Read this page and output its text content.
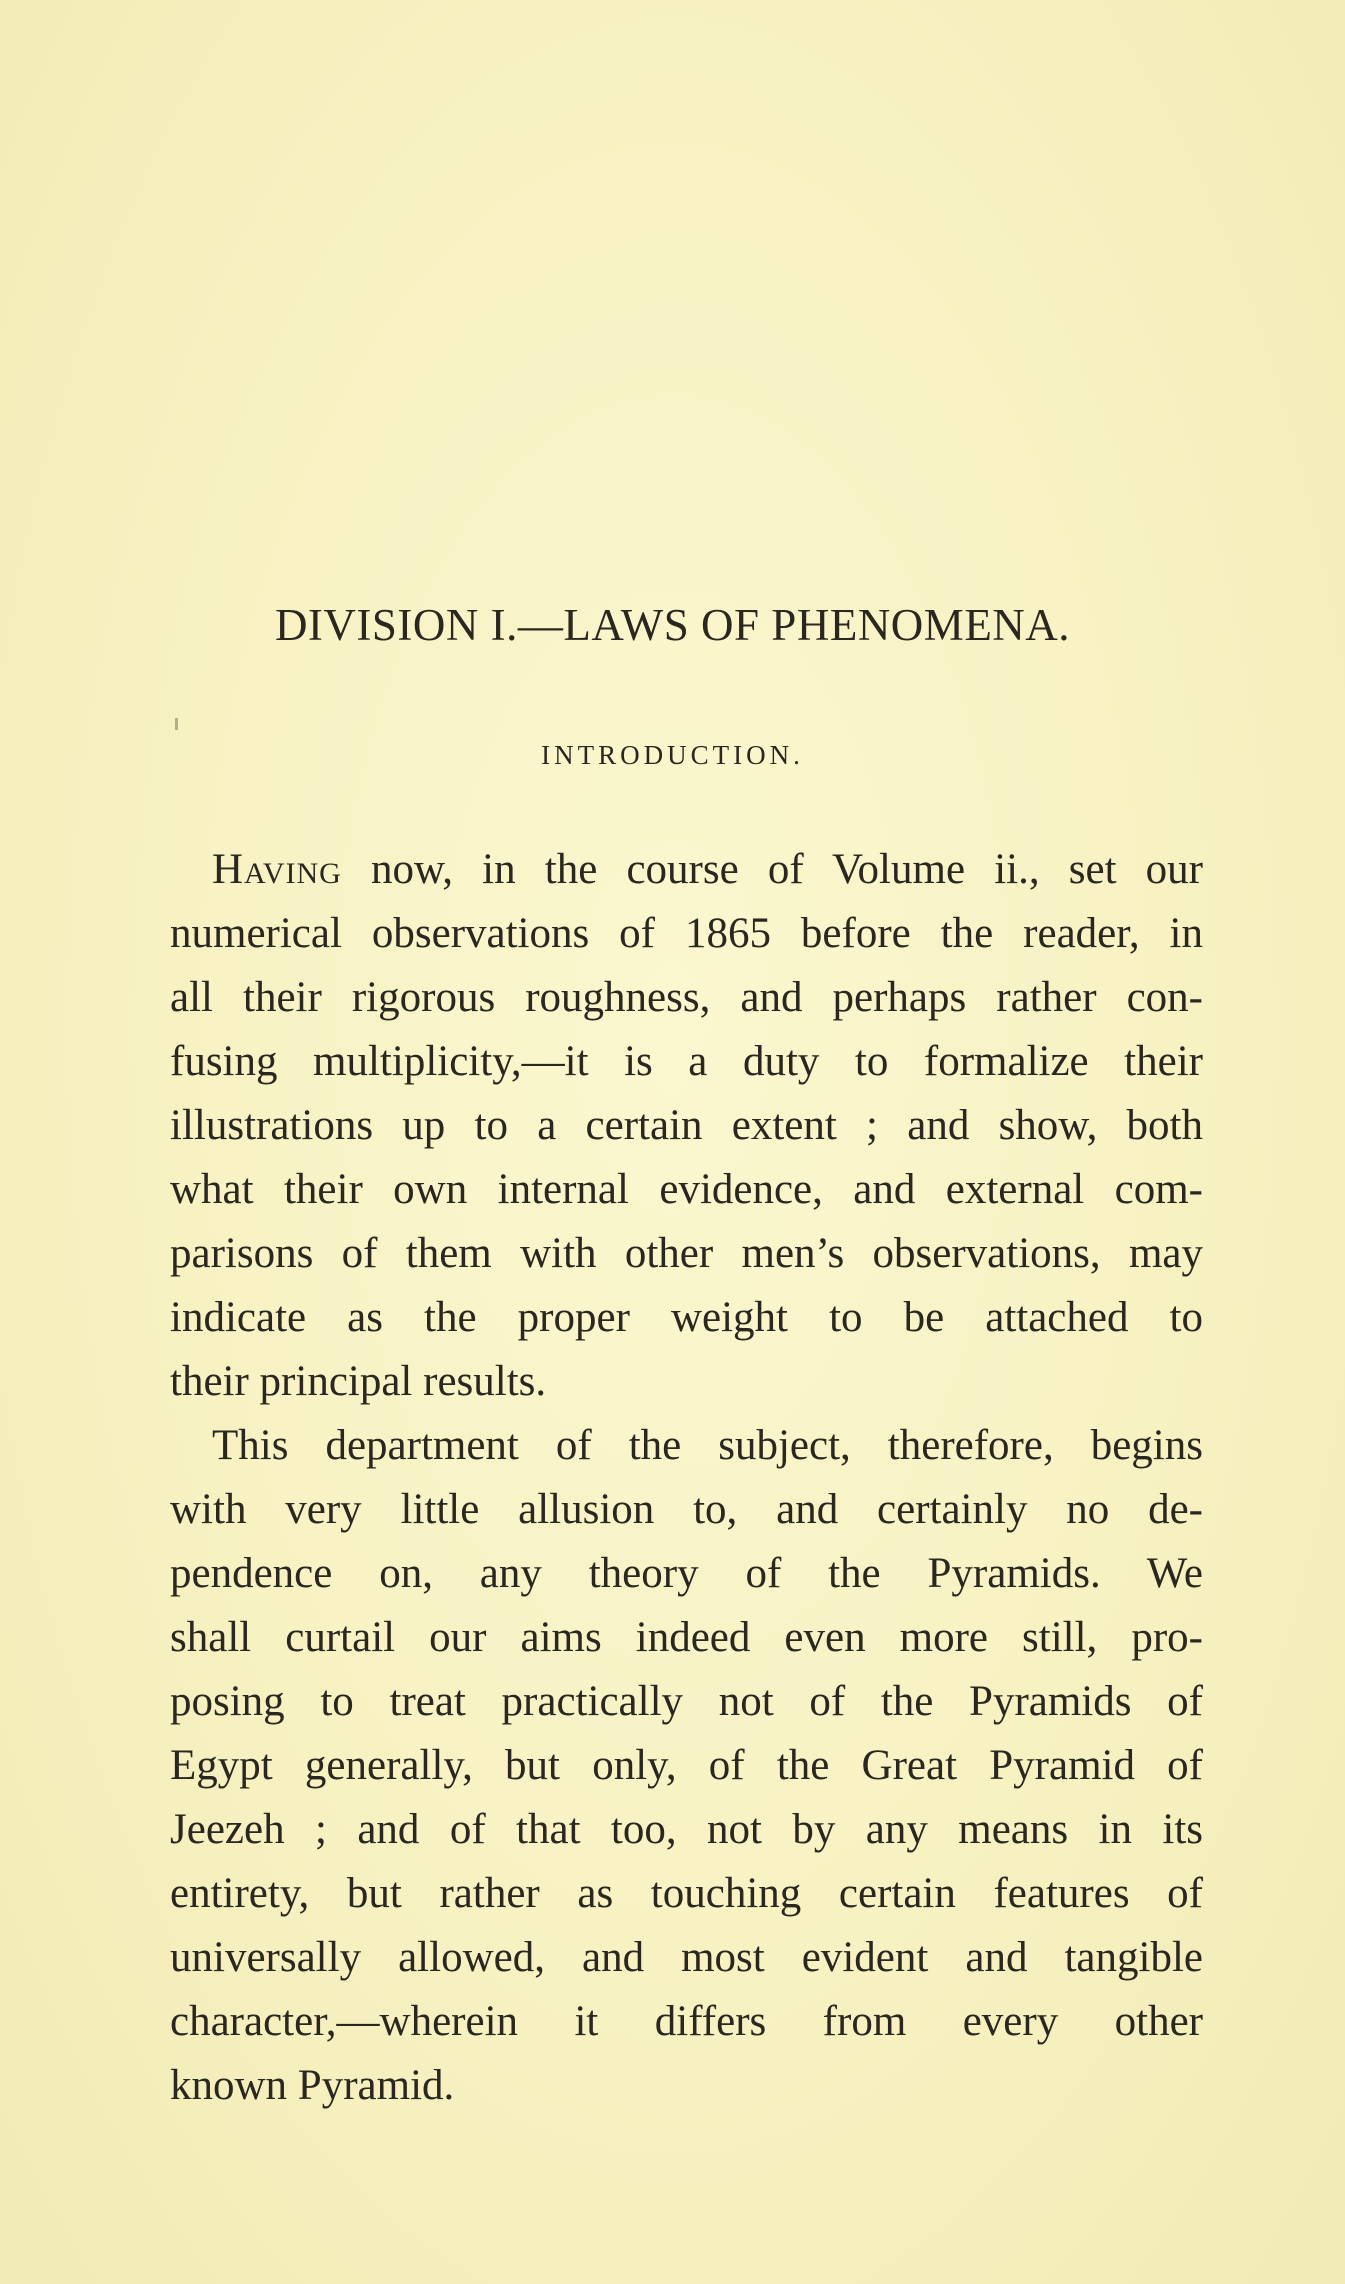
DIVISION I.—LAWS OF PHENOMENA.
INTRODUCTION.
Having now, in the course of Volume ii., set our
numerical observations of 1865 before the reader, in
all their rigorous roughness, and perhaps rather con-
fusing multiplicity,—it is a duty to formalize their
illustrations up to a certain extent ; and show, both
what their own internal evidence, and external com-
parisons of them with other men’s observations, may
indicate as the proper weight to be attached to
their principal results.
This department of the subject, therefore, begins
with very little allusion to, and certainly no de-
pendence on, any theory of the Pyramids. We
shall curtail our aims indeed even more still, pro-
posing to treat practically not of the Pyramids of
Egypt generally, but only, of the Great Pyramid of
Jeezeh ; and of that too, not by any means in its
entirety, but rather as touching certain features of
universally allowed, and most evident and tangible
character,—wherein it differs from every other
known Pyramid.
